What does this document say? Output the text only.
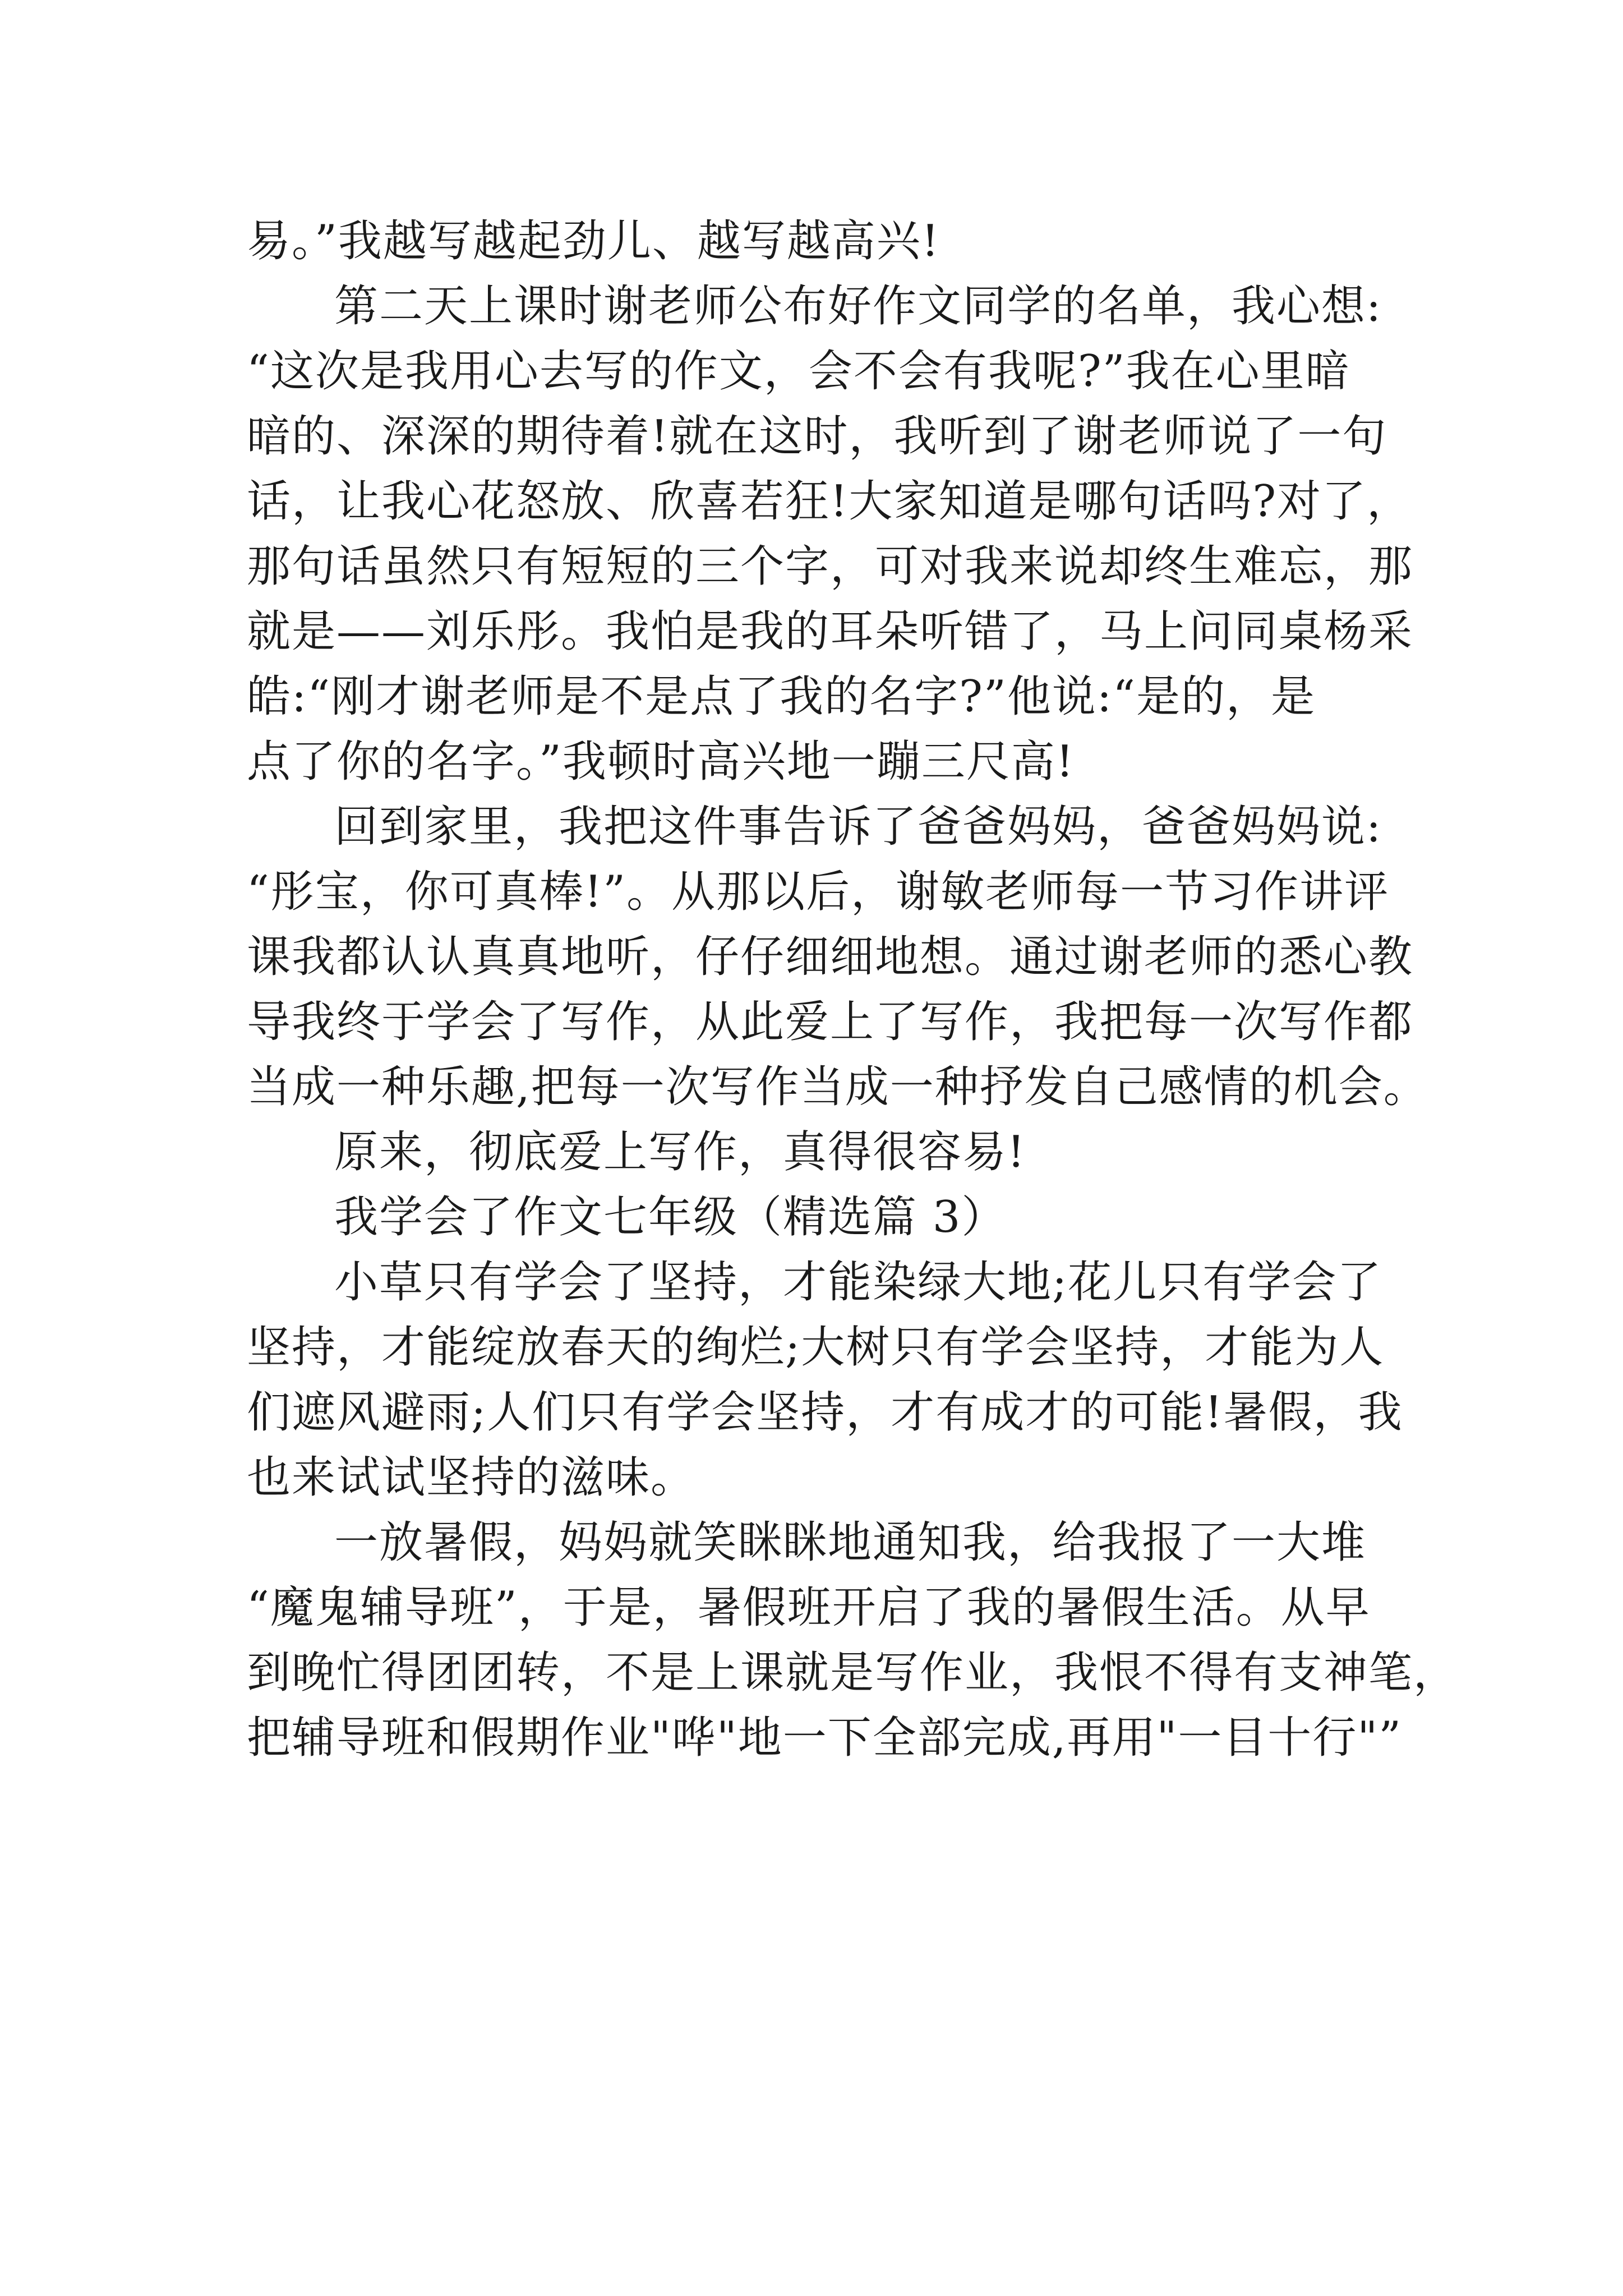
易。”我越写越起劲儿、越写越高兴!
第二天上课时谢老师公布好作文同学的名单，我心想:
“这次是我用心去写的作文，会不会有我呢?”我在心里暗
暗的、深深的期待着!就在这时，我听到了谢老师说了一句
话，让我心花怒放、欣喜若狂!大家知道是哪句话吗?对了，
那句话虽然只有短短的三个字，可对我来说却终生难忘，那
就是——刘乐彤。我怕是我的耳朵听错了，马上问同桌杨采
皓:“刚才谢老师是不是点了我的名字?”他说:“是的，是
点了你的名字。”我顿时高兴地一蹦三尺高!
回到家里，我把这件事告诉了爸爸妈妈，爸爸妈妈说:
“彤宝，你可真棒!”。从那以后，谢敏老师每一节习作讲评
课我都认认真真地听，仔仔细细地想。通过谢老师的悉心教
导我终于学会了写作，从此爱上了写作，我把每一次写作都
当成一种乐趣,把每一次写作当成一种抒发自己感情的机会。
原来，彻底爱上写作，真得很容易!
我学会了作文七年级（精选篇 3）
小草只有学会了坚持，才能染绿大地;花儿只有学会了
坚持，才能绽放春天的绚烂;大树只有学会坚持，才能为人
们遮风避雨;人们只有学会坚持，才有成才的可能!暑假，我
也来试试坚持的滋味。
一放暑假，妈妈就笑眯眯地通知我，给我报了一大堆
“魔鬼辅导班”，于是，暑假班开启了我的暑假生活。从早
到晚忙得团团转，不是上课就是写作业，我恨不得有支神笔，
把辅导班和假期作业"哗"地一下全部完成,再用"一目十行"”
